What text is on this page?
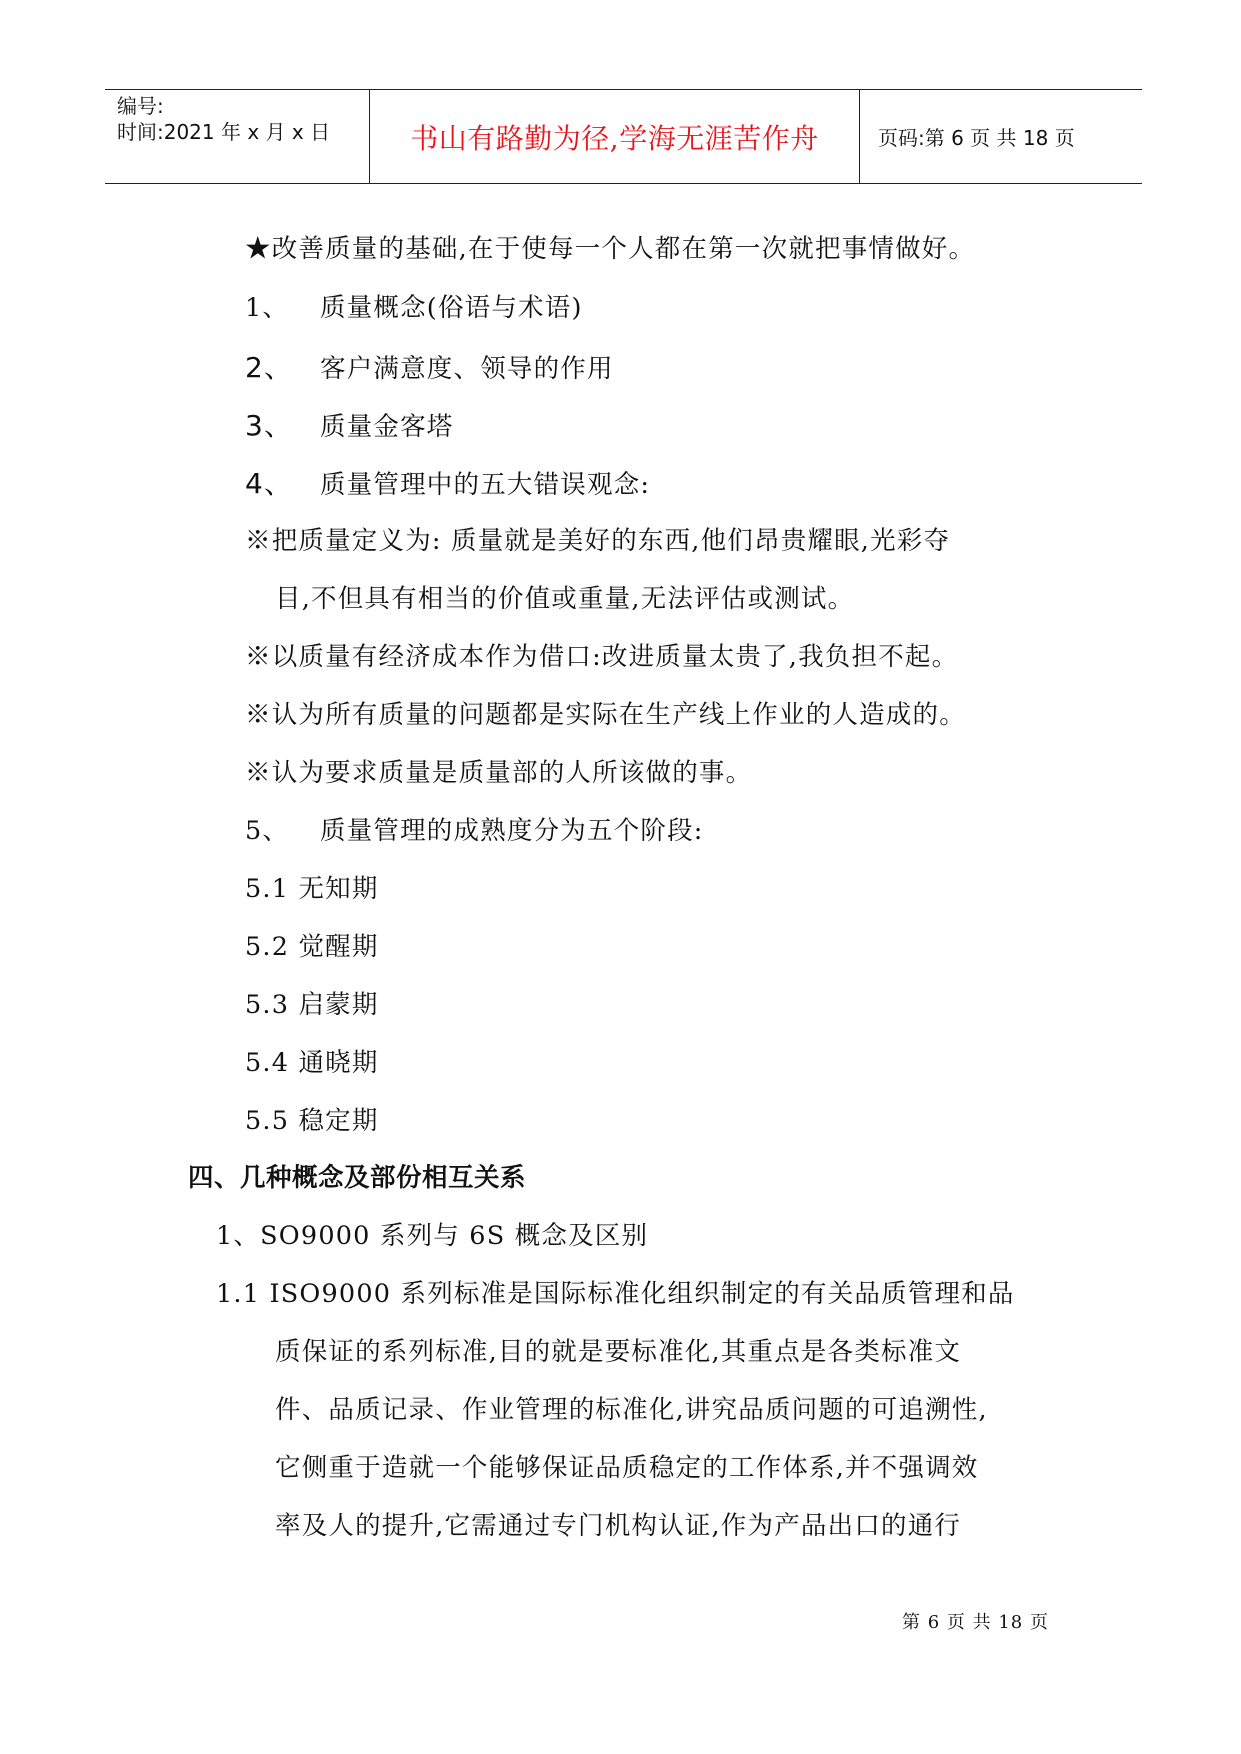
编号:
时间:2021 年 x 月 x 日	书山有路勤为径,学海无涯苦作舟	页码:第 6 页 共 18 页
★改善质量的基础,在于使每一个人都在第一次就把事情做好。
1、 质量概念(俗语与术语)
2、 客户满意度、领导的作用
3、 质量金客塔
4、 质量管理中的五大错误观念:
※把质量定义为: 质量就是美好的东西,他们昂贵耀眼,光彩夺
目,不但具有相当的价值或重量,无法评估或测试。
※以质量有经济成本作为借口:改进质量太贵了,我负担不起。
※认为所有质量的问题都是实际在生产线上作业的人造成的。
※认为要求质量是质量部的人所该做的事。
5、 质量管理的成熟度分为五个阶段:
5.1 无知期
5.2 觉醒期
5.3 启蒙期
5.4 通晓期
5.5 稳定期
四、几种概念及部份相互关系
1、SO9000 系列与 6S 概念及区别
1.1 ISO9000 系列标准是国际标准化组织制定的有关品质管理和品
质保证的系列标准,目的就是要标准化,其重点是各类标准文
件、品质记录、作业管理的标准化,讲究品质问题的可追溯性,
它侧重于造就一个能够保证品质稳定的工作体系,并不强调效
率及人的提升,它需通过专门机构认证,作为产品出口的通行
第 6 页 共 18 页
